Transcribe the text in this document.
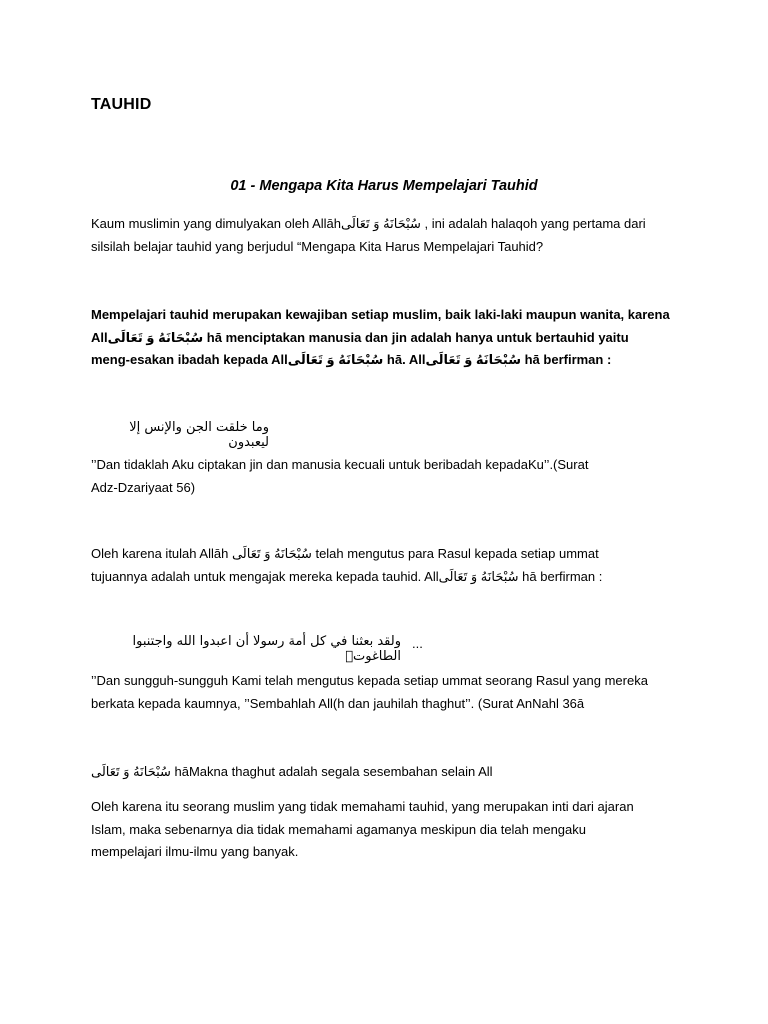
TAUHID
01 - Mengapa Kita Harus Mempelajari Tauhid
Kaum muslimin yang dimulyakan oleh Allāhسُبْحَانَهُ وَ تَعَالَى , ini adalah halaqoh yang pertama dari
silsilah belajar tauhid yang berjudul “Mengapa Kita Harus Mempelajari Tauhid?
Mempelajari tauhid merupakan kewajiban setiap muslim, baik laki-laki maupun wanita, karena
Allسُبْحَانَهُ وَ تَعَالَى hā menciptakan manusia dan jin adalah hanya untuk bertauhid yaitu
meng-esakan ibadah kepada Allسُبْحَانَهُ وَ تَعَالَى hā. Allسُبْحَانَهُ وَ تَعَالَى hā berfirman :
وما خلقت الجن والإنس إلا ليعبدون
’’Dan tidaklah Aku ciptakan jin dan manusia kecuali untuk beribadah kepadaKu’’.(Surat
Adz-Dzariyaat 56)
Oleh karena itulah Allāh سُبْحَانَهُ وَ تَعَالَى telah mengutus para Rasul kepada setiap ummat
tujuannya adalah untuk mengajak mereka kepada tauhid. Allسُبْحَانَهُ وَ تَعَالَى hā berfirman :
ولقد بعثنا في كل أمة رسولا أن اعبدوا الله واجتنبوا الطاغوتۚ
...
’’Dan sungguh-sungguh Kami telah mengutus kepada setiap ummat seorang Rasul yang mereka
berkata kepada kaumnya, ’’Sembahlah All(h dan jauhilah thaghut’’. (Surat AnNahl 36ā
سُبْحَانَهُ وَ تَعَالَى hāMakna thaghut adalah segala sesembahan selain All
Oleh karena itu seorang muslim yang tidak memahami tauhid, yang merupakan inti dari ajaran
Islam, maka sebenarnya dia tidak memahami agamanya meskipun dia telah mengaku
mempelajari ilmu-ilmu yang banyak.
